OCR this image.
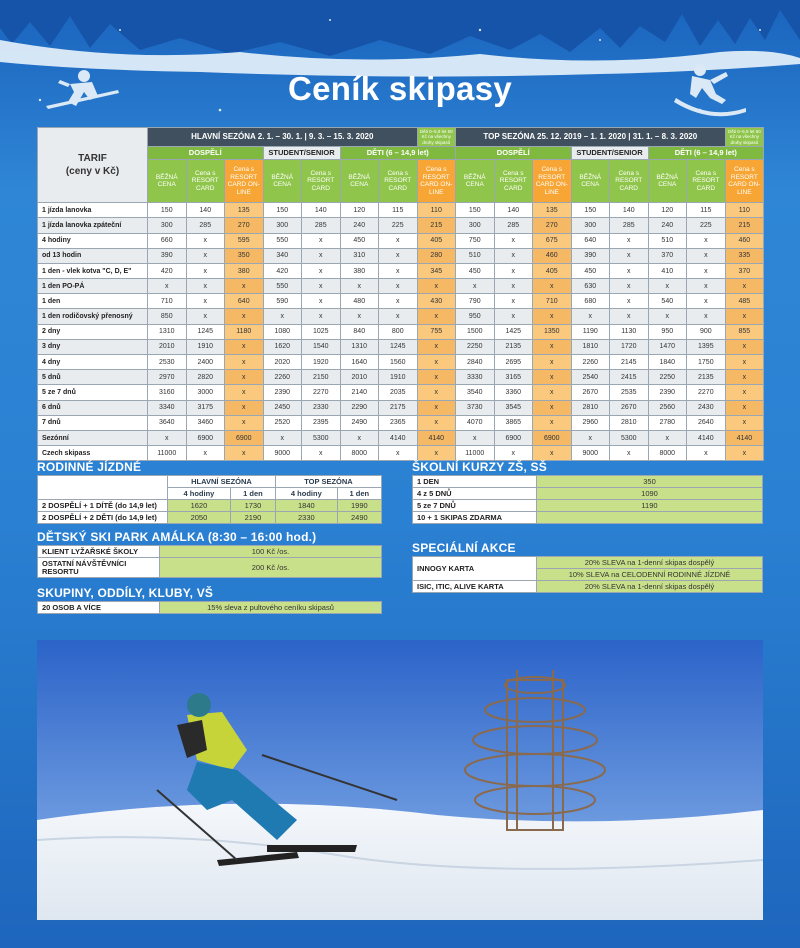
Ceník skipasy
TARIF
(ceny v Kč)	HLAVNÍ SEZÓNA 2. 1. – 30. 1. | 9. 3. – 15. 3. 2020							Děti 0–5,9 let 50 Kč na všechny druhy skipasů	TOP SEZÓNA 25. 12. 2019 – 1. 1. 2020 | 31. 1. – 8. 3. 2020							Děti 0–5,9 let 50 Kč na všechny druhy skipasů

	DOSPĚLÍ			STUDENT/SENIOR		DĚTI (6 – 14,9 let)			DOSPĚLÍ			STUDENT/SENIOR		DĚTI (6 – 14,9 let)		
	BĚŽNÁ CENA	Cena s RESORT CARD	Cena s RESORT CARD ON-LINE	BĚŽNÁ CENA	Cena s RESORT CARD	BĚŽNÁ CENA	Cena s RESORT CARD	Cena s RESORT CARD ON-LINE	BĚŽNÁ CENA	Cena s RESORT CARD	Cena s RESORT CARD ON-LINE	BĚŽNÁ CENA	Cena s RESORT CARD	BĚŽNÁ CENA	Cena s RESORT CARD	Cena s RESORT CARD ON-LINE
1 jízda lanovka	150	140	135	150	140	120	115	110	150	140	135	150	140	120	115	110
1 jízda lanovka zpáteční	300	285	270	300	285	240	225	215	300	285	270	300	285	240	225	215
4 hodiny	660	x	595	550	x	450	x	405	750	x	675	640	x	510	x	460
od 13 hodin	390	x	350	340	x	310	x	280	510	x	460	390	x	370	x	335
1 den - vlek kotva "C, D, E"	420	x	380	420	x	380	x	345	450	x	405	450	x	410	x	370
1 den PO-PÁ	x	x	x	550	x	x	x	x	x	x	x	630	x	x	x	x
1 den	710	x	640	590	x	480	x	430	790	x	710	680	x	540	x	485
1 den rodičovský přenosný	850	x	x	x	x	x	x	x	950	x	x	x	x	x	x	x
2 dny	1310	1245	1180	1080	1025	840	800	755	1500	1425	1350	1190	1130	950	900	855
3 dny	2010	1910	x	1620	1540	1310	1245	x	2250	2135	x	1810	1720	1470	1395	x
4 dny	2530	2400	x	2020	1920	1640	1560	x	2840	2695	x	2260	2145	1840	1750	x
5 dnů	2970	2820	x	2260	2150	2010	1910	x	3330	3165	x	2540	2415	2250	2135	x
5 ze 7 dnů	3160	3000	x	2390	2270	2140	2035	x	3540	3360	x	2670	2535	2390	2270	x
6 dnů	3340	3175	x	2450	2330	2290	2175	x	3730	3545	x	2810	2670	2560	2430	x
7 dnů	3640	3460	x	2520	2395	2490	2365	x	4070	3865	x	2960	2810	2780	2640	x
Sezónní	x	6900	6900	x	5300	x	4140	4140	x	6900	6900	x	5300	x	4140	4140
Czech skipass	11000	x	x	9000	x	8000	x	x	11000	x	x	9000	x	8000	x	x
RODINNÉ JÍZDNÉ
	HLAVNÍ SEZÓNA		TOP SEZÓNA	
	4 hodiny	1 den	4 hodiny	1 den
2 DOSPĚLÍ + 1 DÍTĚ (do 14,9 let)	1620	1730	1840	1990
2 DOSPĚLÍ + 2 DĚTI (do 14,9 let)	2050	2190	2330	2490
DĚTSKÝ SKI PARK AMÁLKA (8:30 – 16:00 hod.)
KLIENT LYŽAŘSKÉ ŠKOLY	100 Kč /os.
OSTATNÍ NÁVŠTĚVNÍCI RESORTU	200 Kč /os.
SKUPINY, ODDÍLY, KLUBY, VŠ
20 OSOB A VÍCE	15% sleva z pultového ceníku skipasů
ŠKOLNÍ KURZY ZŠ, SŠ
1 DEN	350
4 z 5 DNŮ	1090
5 ze 7 DNŮ	1190
10 + 1 SKIPAS ZDARMA	
SPECIÁLNÍ AKCE
INNOGY KARTA	20% SLEVA na 1-denní skipas dospělý
	10% SLEVA na CELODENNÍ RODINNÉ JÍZDNÉ
ISIC, ITIC, ALIVE KARTA	20% SLEVA na 1-denní skipas dospělý
